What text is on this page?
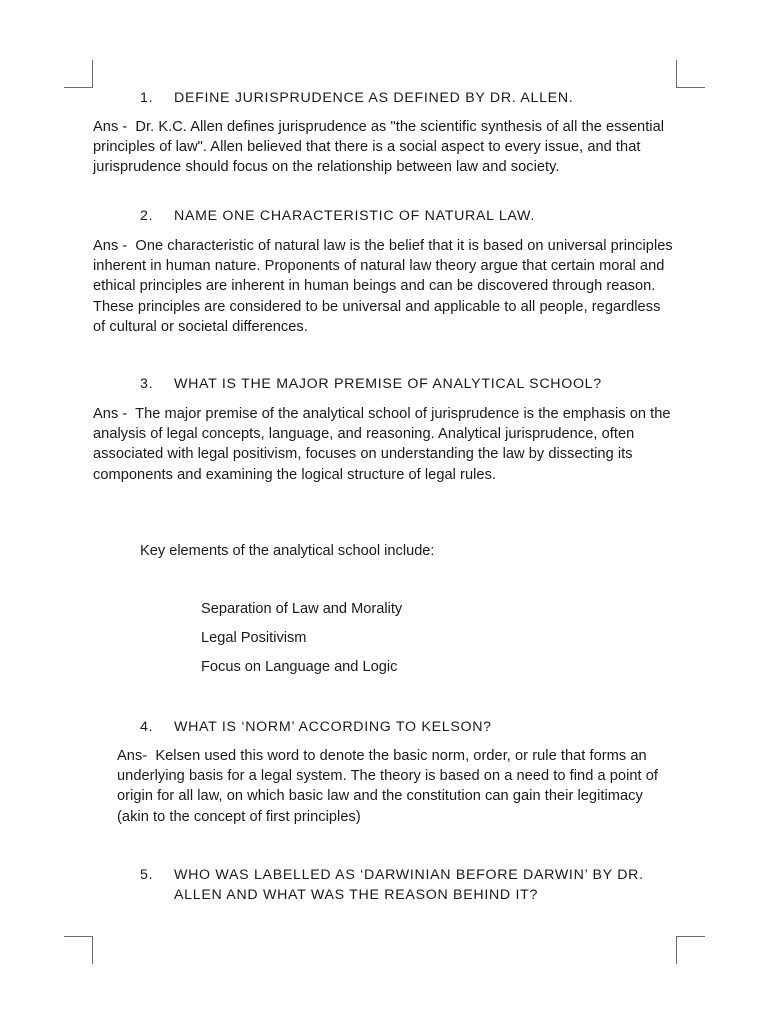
1.	DEFINE JURISPRUDENCE AS DEFINED BY DR. ALLEN.
Ans - Dr. K.C. Allen defines jurisprudence as "the scientific synthesis of all the essential principles of law". Allen believed that there is a social aspect to every issue, and that jurisprudence should focus on the relationship between law and society.
2.	NAME ONE CHARACTERISTIC OF NATURAL LAW.
Ans - One characteristic of natural law is the belief that it is based on universal principles inherent in human nature. Proponents of natural law theory argue that certain moral and ethical principles are inherent in human beings and can be discovered through reason. These principles are considered to be universal and applicable to all people, regardless of cultural or societal differences.
3.	WHAT IS THE MAJOR PREMISE OF ANALYTICAL SCHOOL?
Ans - The major premise of the analytical school of jurisprudence is the emphasis on the analysis of legal concepts, language, and reasoning. Analytical jurisprudence, often associated with legal positivism, focuses on understanding the law by dissecting its components and examining the logical structure of legal rules.
Key elements of the analytical school include:
Separation of Law and Morality
Legal Positivism
Focus on Language and Logic
4.	WHAT IS ‘NORM’ ACCORDING TO KELSON?
Ans- Kelsen used this word to denote the basic norm, order, or rule that forms an underlying basis for a legal system. The theory is based on a need to find a point of origin for all law, on which basic law and the constitution can gain their legitimacy (akin to the concept of first principles)
5.	WHO WAS LABELLED AS ‘DARWINIAN BEFORE DARWIN’ BY DR. ALLEN AND WHAT WAS THE REASON BEHIND IT?
